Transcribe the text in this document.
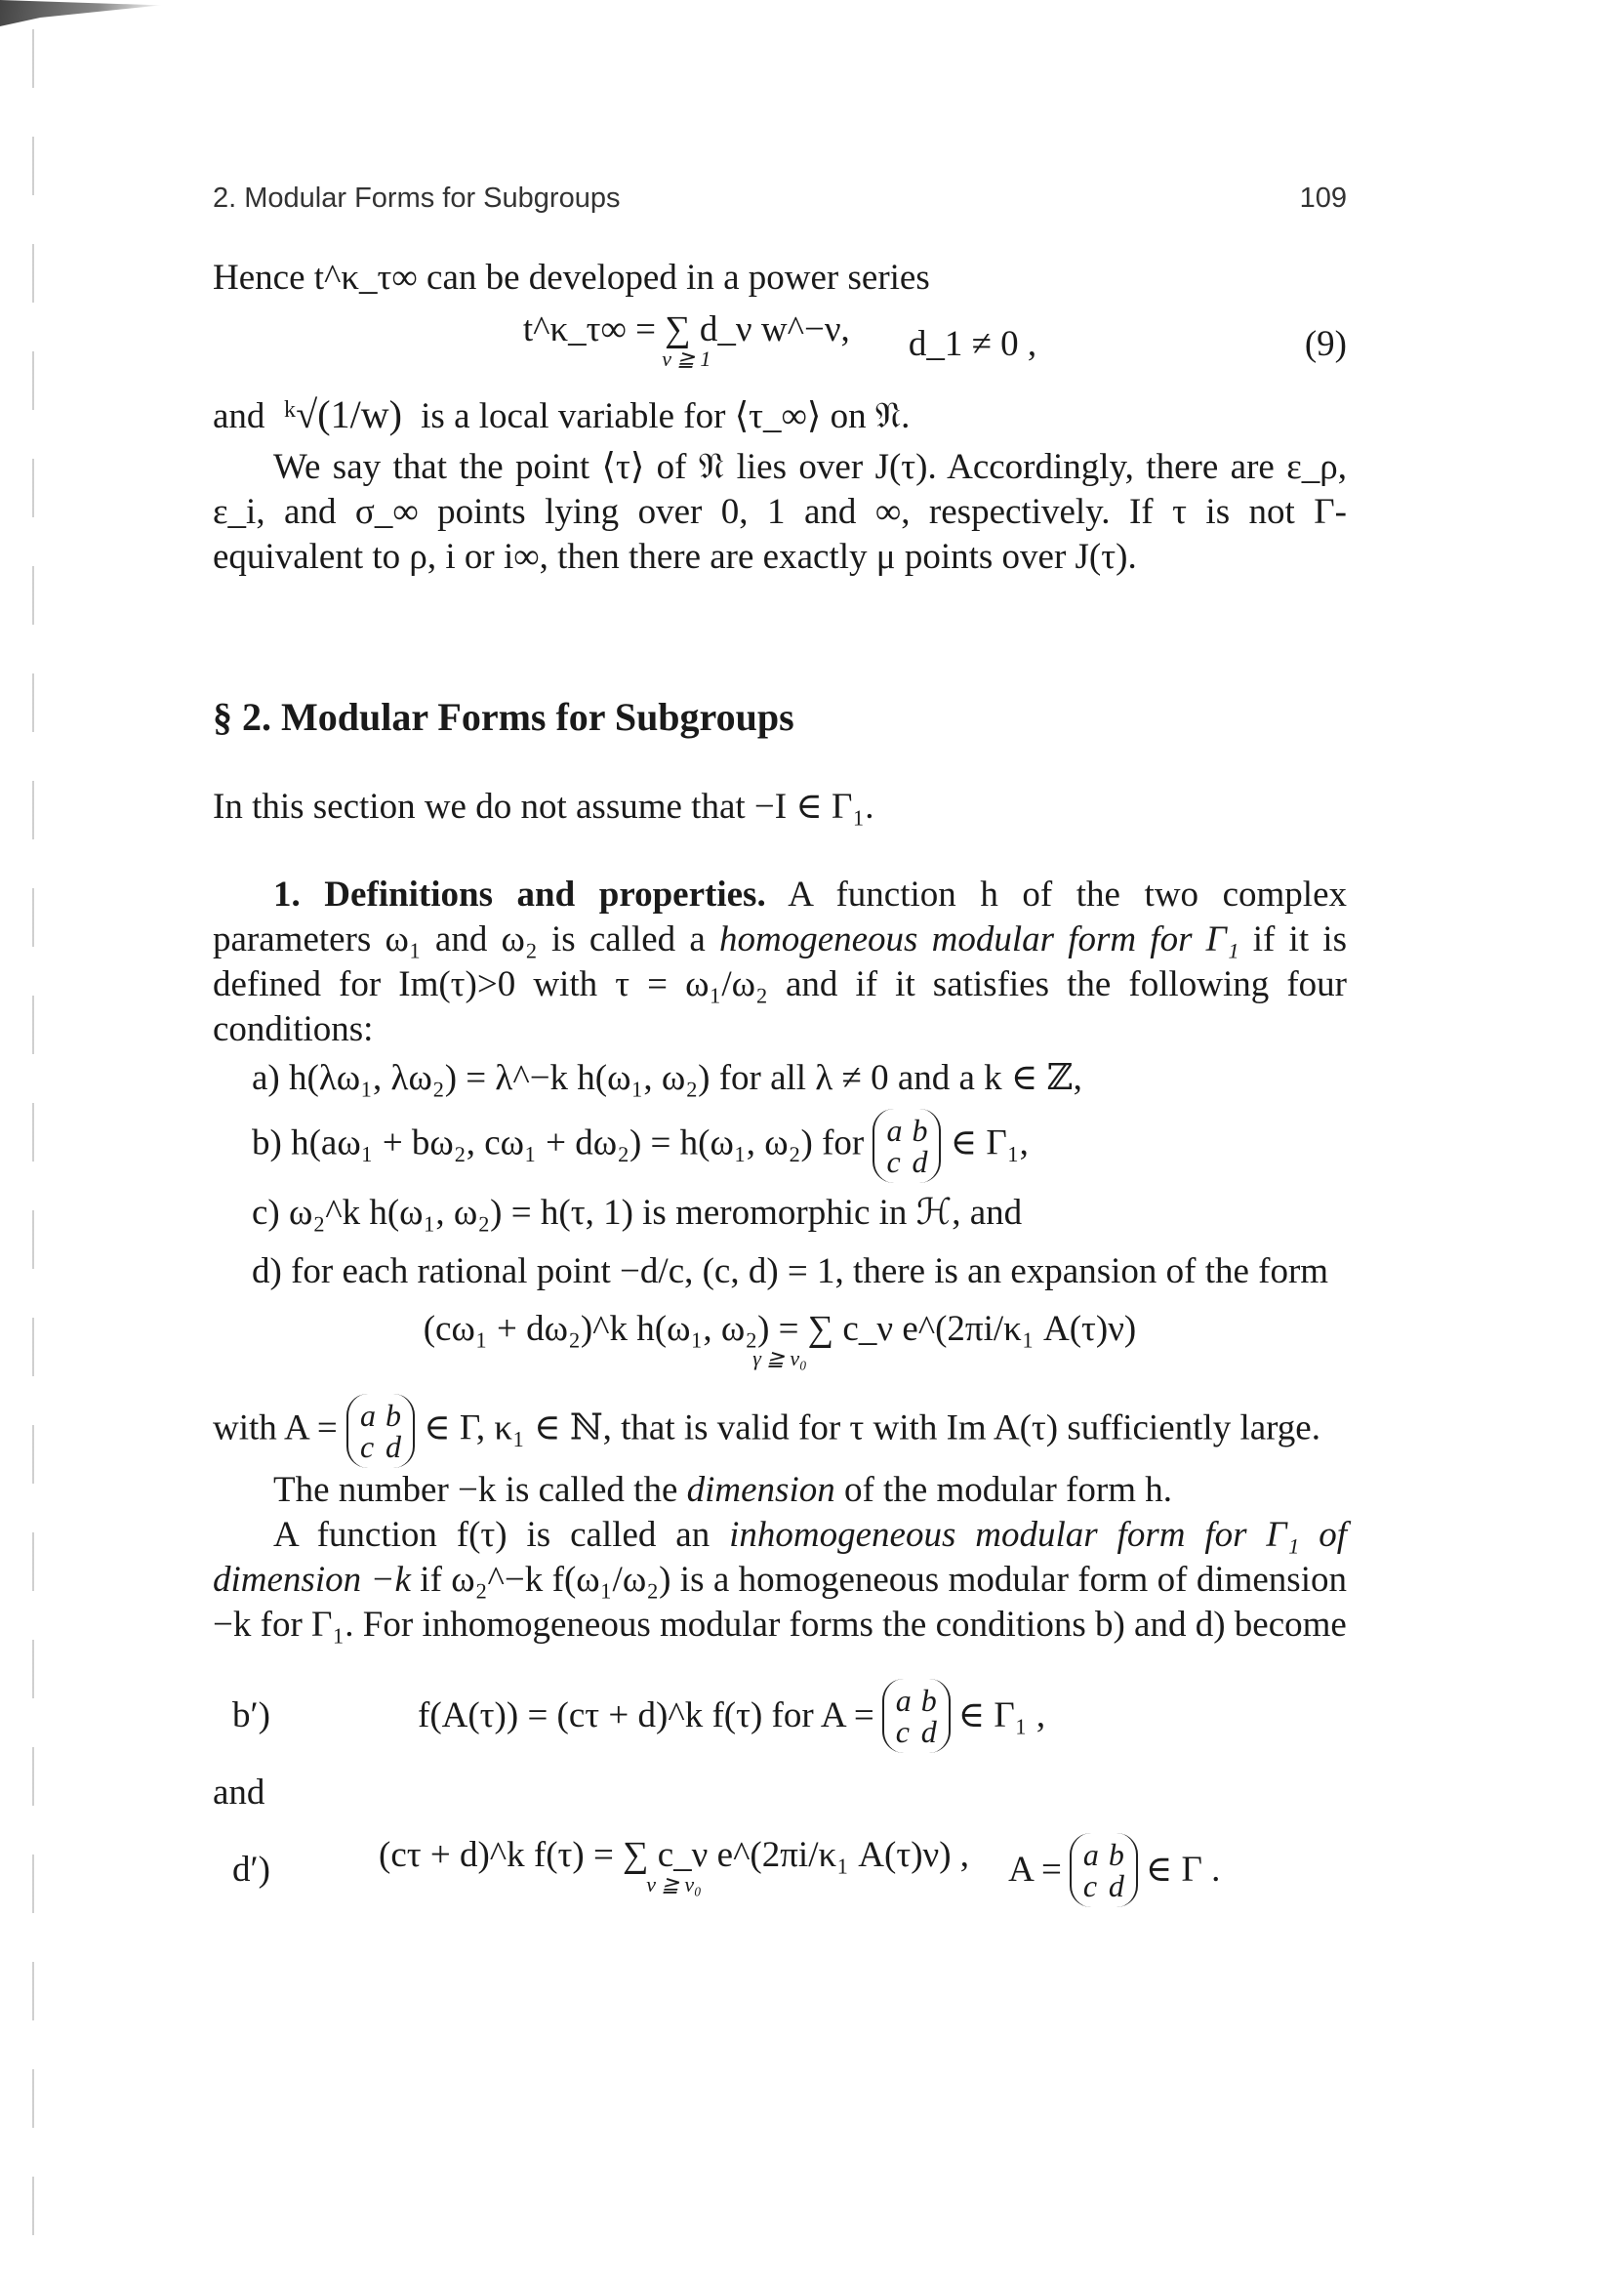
2. Modular Forms for Subgroups	109

Hence t^κ_τ∞ can be developed in a power series

t^κ_τ∞ = ∑ d_ν w^−ν,
ν ≧ 1	d_1 ≠ 0 ,	(9)

and ᵏ√(1/w) is a local variable for ⟨τ_∞⟩ on 𝔑.

We say that the point ⟨τ⟩ of 𝔑 lies over J(τ). Accordingly, there are ε_ρ, ε_i, and σ_∞ points lying over 0, 1 and ∞, respectively. If τ is not Γ-equivalent to ρ, i or i∞, then there are exactly μ points over J(τ).

§ 2. Modular Forms for Subgroups

In this section we do not assume that −I ∈ Γ₁.

1. Definitions and properties. A function h of the two complex parameters ω₁ and ω₂ is called a homogeneous modular form for Γ₁ if it is defined for Im(τ)>0 with τ = ω₁/ω₂ and if it satisfies the following four conditions:

a) h(λω₁, λω₂) = λ^−k h(ω₁, ω₂) for all λ ≠ 0 and a k ∈ ℤ,

b) h(aω₁ + bω₂, cω₁ + dω₂) = h(ω₁, ω₂) for a b
c d ∈ Γ₁,

c) ω₂^k h(ω₁, ω₂) = h(τ, 1) is meromorphic in ℋ, and

d) for each rational point −d/c, (c, d) = 1, there is an expansion of the form

(cω₁ + dω₂)^k h(ω₁, ω₂) = ∑ c_ν e^(2πi/κ₁ A(τ)ν)
γ ≧ ν₀

with A = a b
c d ∈ Γ, κ₁ ∈ ℕ, that is valid for τ with Im A(τ) sufficiently large.

The number −k is called the dimension of the modular form h.

A function f(τ) is called an inhomogeneous modular form for Γ₁ of dimension −k if ω₂^−k f(ω₁/ω₂) is a homogeneous modular form of dimension −k for Γ₁. For inhomogeneous modular forms the conditions b) and d) become

b′)	f(A(τ)) = (cτ + d)^k f(τ) for A = a b
c d ∈ Γ₁ ,

and

d′)	(cτ + d)^k f(τ) = ∑ c_ν e^(2πi/κ₁ A(τ)ν) ,
ν ≧ ν₀	A = a b
c d ∈ Γ .
